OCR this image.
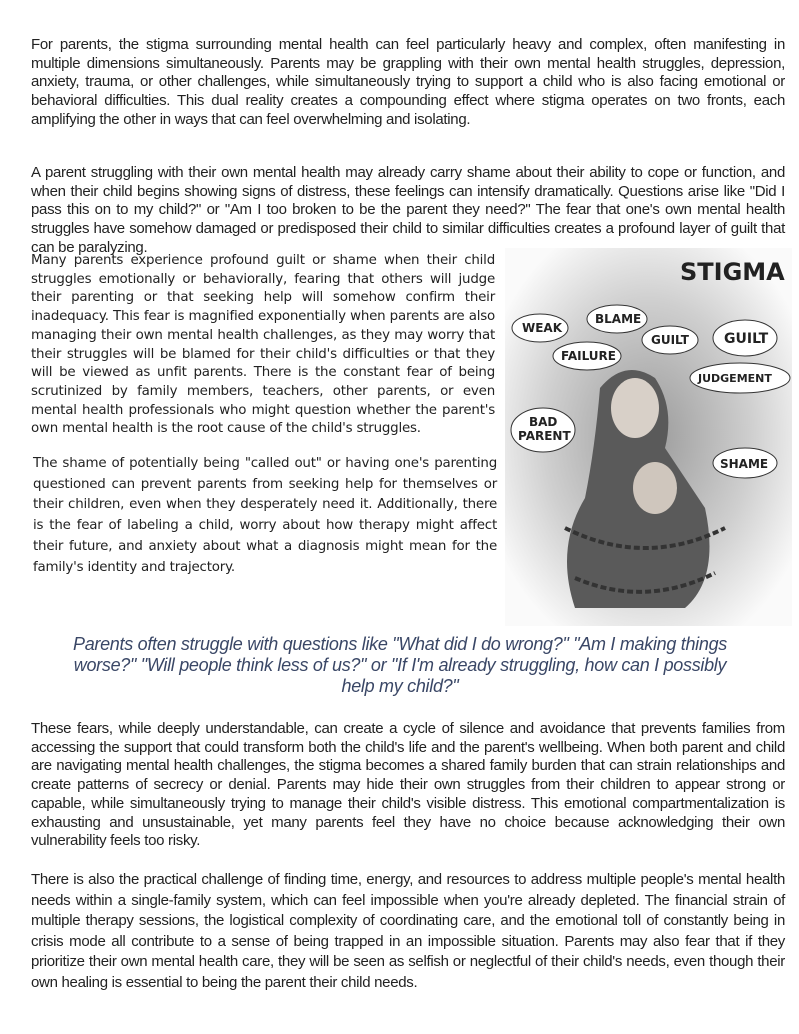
For parents, the stigma surrounding mental health can feel particularly heavy and complex, often manifesting in multiple dimensions simultaneously. Parents may be grappling with their own mental health struggles, depression, anxiety, trauma, or other challenges, while simultaneously trying to support a child who is also facing emotional or behavioral difficulties. This dual reality creates a compounding effect where stigma operates on two fronts, each amplifying the other in ways that can feel overwhelming and isolating.

A parent struggling with their own mental health may already carry shame about their ability to cope or function, and when their child begins showing signs of distress, these feelings can intensify dramatically. Questions arise like "Did I pass this on to my child?" or "Am I too broken to be the parent they need?" The fear that one's own mental health struggles have somehow damaged or predisposed their child to similar difficulties creates a profound layer of guilt that can be paralyzing.

Many parents experience profound guilt or shame when their child struggles emotionally or behaviorally, fearing that others will judge their parenting or that seeking help will somehow confirm their inadequacy. This fear is magnified exponentially when parents are also managing their own mental health challenges, as they may worry that their struggles will be blamed for their child's difficulties or that they will be viewed as unfit parents. There is the constant fear of being scrutinized by family members, teachers, other parents, or even mental health professionals who might question whether the parent's own mental health is the root cause of the child's struggles.

The shame of potentially being "called out" or having one's parenting questioned can prevent parents from seeking help for themselves or their children, even when they desperately need it. Additionally, there is the fear of labeling a child, worry about how therapy might affect their future, and anxiety about what a diagnosis might mean for the family's identity and trajectory.

STIGMA
WEAK
BLAME
GUILT	GUILT
FAILURE
JUDGEMENT
BAD
PARENT
SHAME

Parents often struggle with questions like "What did I do wrong?" "Am I making things worse?" "Will people think less of us?" or "If I'm already struggling, how can I possibly help my child?"

These fears, while deeply understandable, can create a cycle of silence and avoidance that prevents families from accessing the support that could transform both the child's life and the parent's wellbeing. When both parent and child are navigating mental health challenges, the stigma becomes a shared family burden that can strain relationships and create patterns of secrecy or denial. Parents may hide their own struggles from their children to appear strong or capable, while simultaneously trying to manage their child's visible distress. This emotional compartmentalization is exhausting and unsustainable, yet many parents feel they have no choice because acknowledging their own vulnerability feels too risky.

There is also the practical challenge of finding time, energy, and resources to address multiple people's mental health needs within a single-family system, which can feel impossible when you're already depleted. The financial strain of multiple therapy sessions, the logistical complexity of coordinating care, and the emotional toll of constantly being in crisis mode all contribute to a sense of being trapped in an impossible situation. Parents may also fear that if they prioritize their own mental health care, they will be seen as selfish or neglectful of their child's needs, even though their own healing is essential to being the parent their child needs.
